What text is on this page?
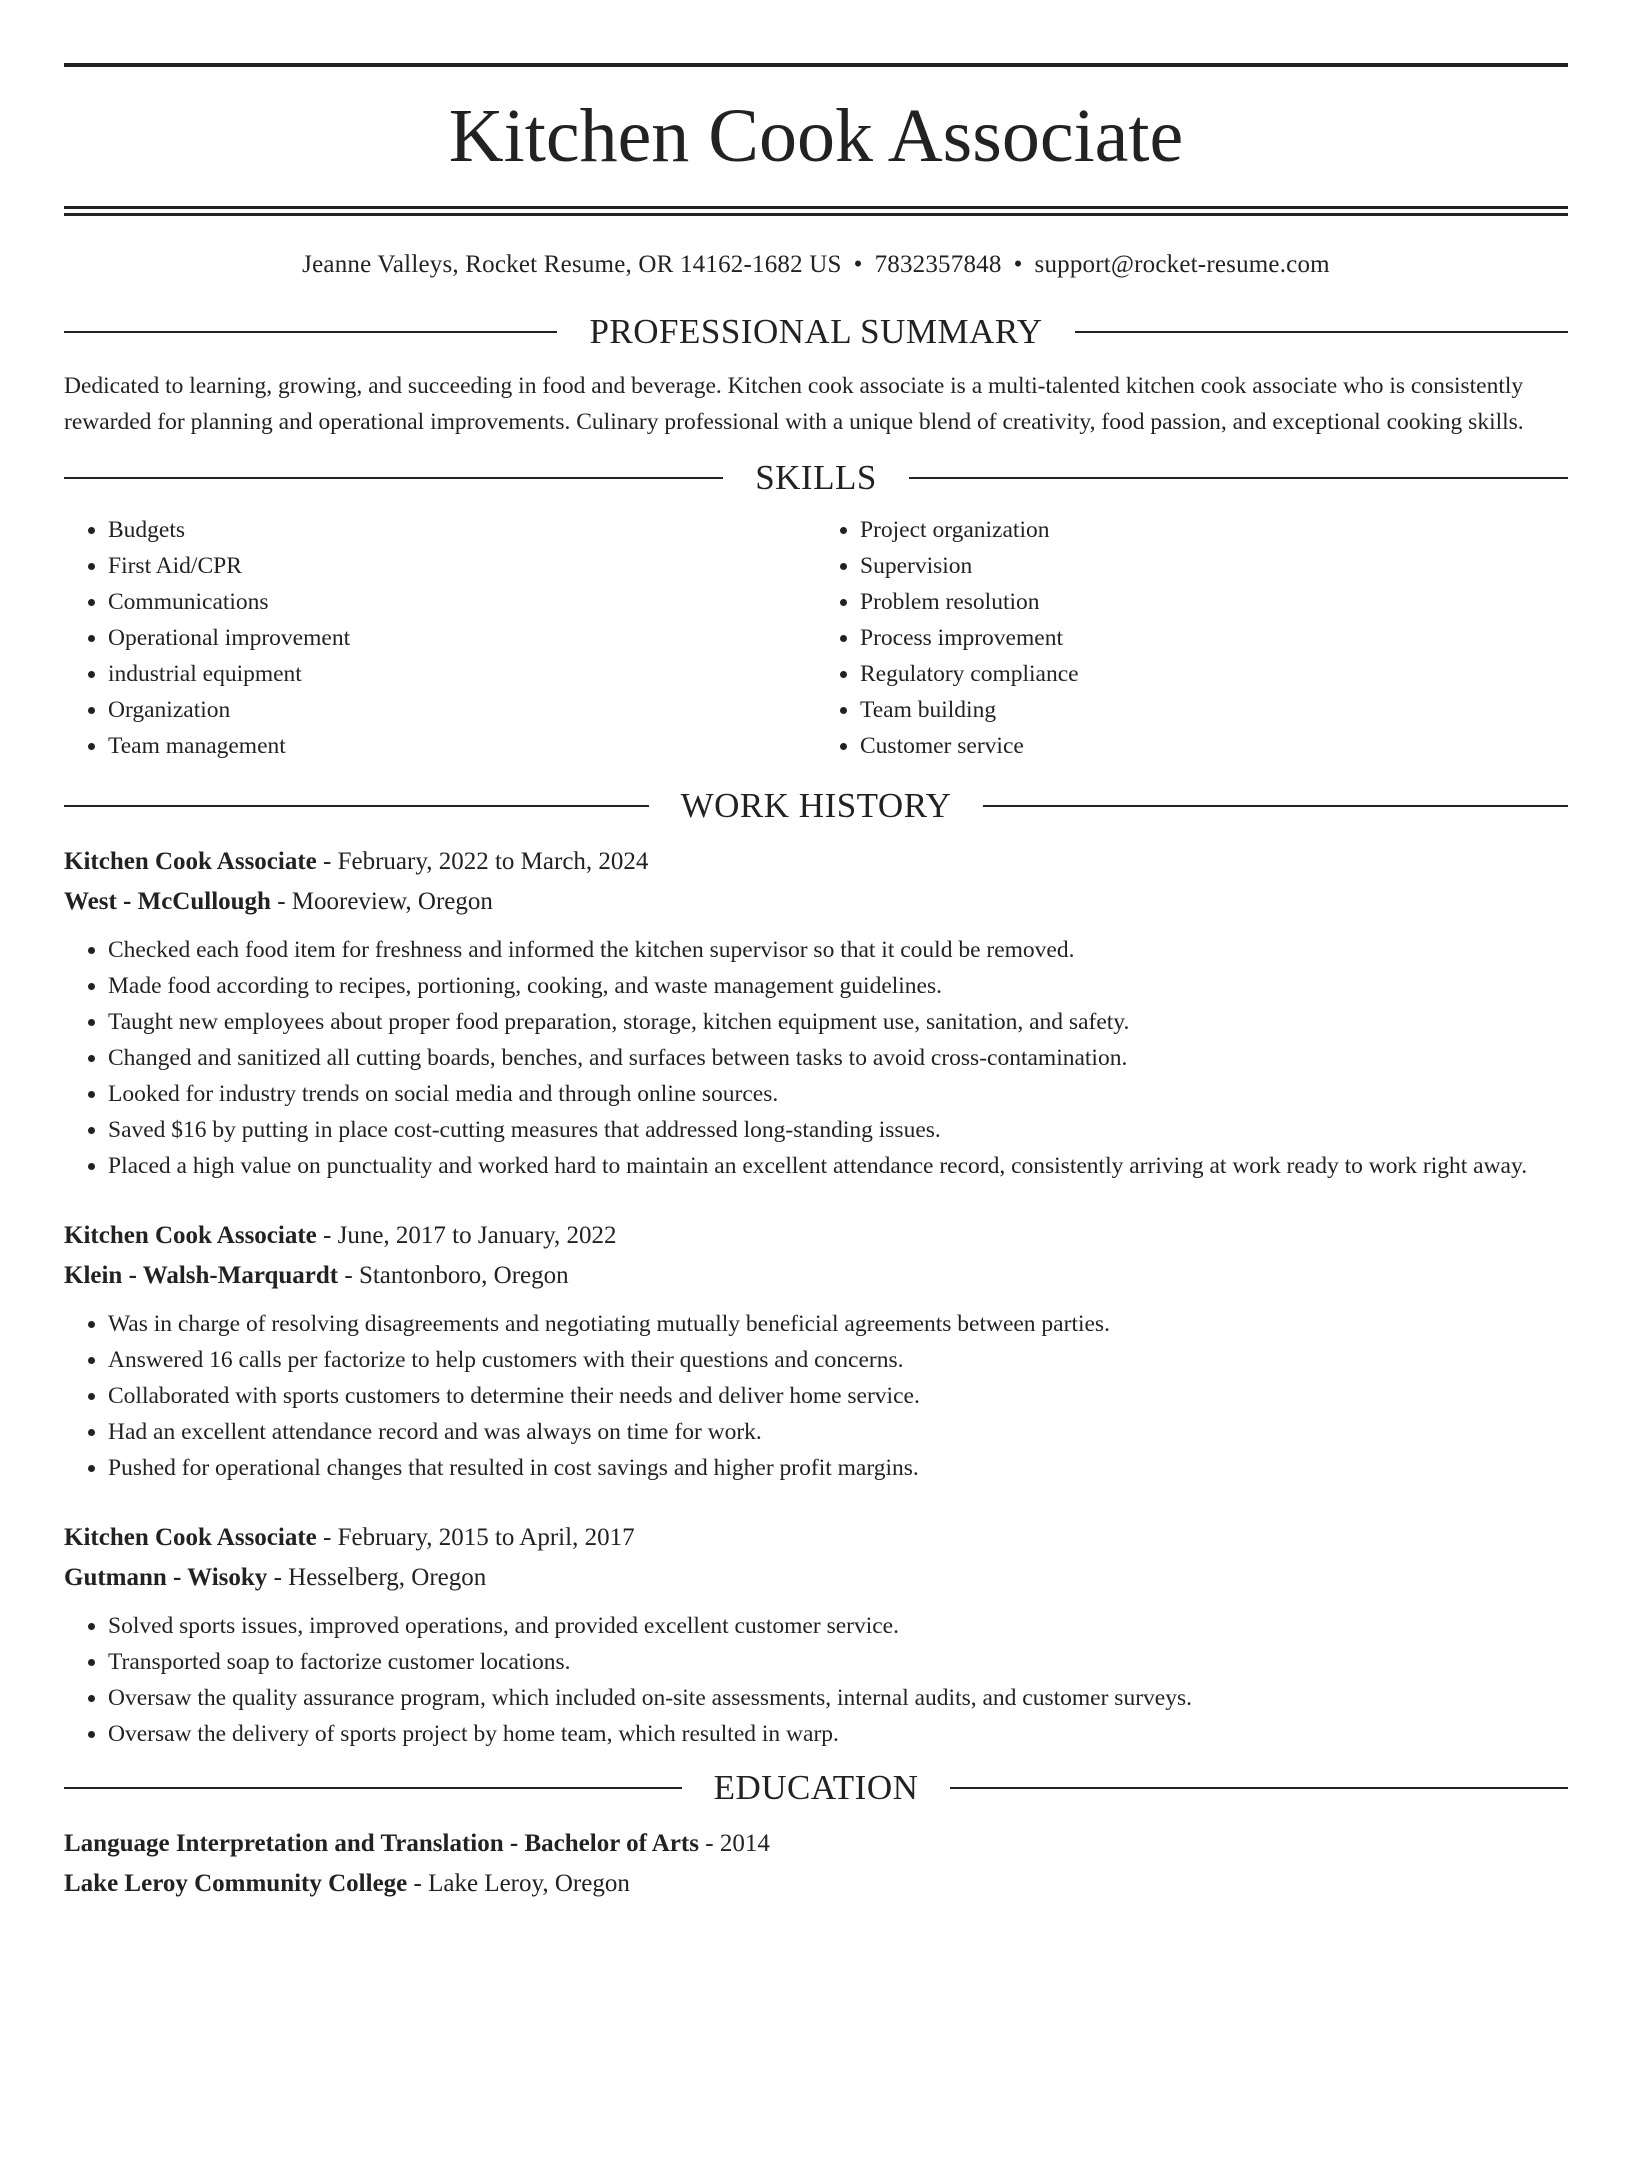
Kitchen Cook Associate
Jeanne Valleys, Rocket Resume, OR 14162-1682 US • 7832357848 • support@rocket-resume.com
PROFESSIONAL SUMMARY

Dedicated to learning, growing, and succeeding in food and beverage. Kitchen cook associate is a multi-talented kitchen cook associate who is consistently rewarded for planning and operational improvements. Culinary professional with a unique blend of creativity, food passion, and exceptional cooking skills.

SKILLS
• Budgets
• First Aid/CPR
• Communications
• Operational improvement
• industrial equipment
• Organization
• Team management
• Project organization
• Supervision
• Problem resolution
• Process improvement
• Regulatory compliance
• Team building
• Customer service
WORK HISTORY
Kitchen Cook Associate - February, 2022 to March, 2024
West - McCullough - Mooreview, Oregon
• Checked each food item for freshness and informed the kitchen supervisor so that it could be removed.
• Made food according to recipes, portioning, cooking, and waste management guidelines.
• Taught new employees about proper food preparation, storage, kitchen equipment use, sanitation, and safety.
• Changed and sanitized all cutting boards, benches, and surfaces between tasks to avoid cross-contamination.
• Looked for industry trends on social media and through online sources.
• Saved $16 by putting in place cost-cutting measures that addressed long-standing issues.
• Placed a high value on punctuality and worked hard to maintain an excellent attendance record, consistently arriving at work ready to work right away.
Kitchen Cook Associate - June, 2017 to January, 2022
Klein - Walsh-Marquardt - Stantonboro, Oregon
• Was in charge of resolving disagreements and negotiating mutually beneficial agreements between parties.
• Answered 16 calls per factorize to help customers with their questions and concerns.
• Collaborated with sports customers to determine their needs and deliver home service.
• Had an excellent attendance record and was always on time for work.
• Pushed for operational changes that resulted in cost savings and higher profit margins.
Kitchen Cook Associate - February, 2015 to April, 2017
Gutmann - Wisoky - Hesselberg, Oregon
• Solved sports issues, improved operations, and provided excellent customer service.
• Transported soap to factorize customer locations.
• Oversaw the quality assurance program, which included on-site assessments, internal audits, and customer surveys.
• Oversaw the delivery of sports project by home team, which resulted in warp.
EDUCATION
Language Interpretation and Translation - Bachelor of Arts - 2014
Lake Leroy Community College - Lake Leroy, Oregon
